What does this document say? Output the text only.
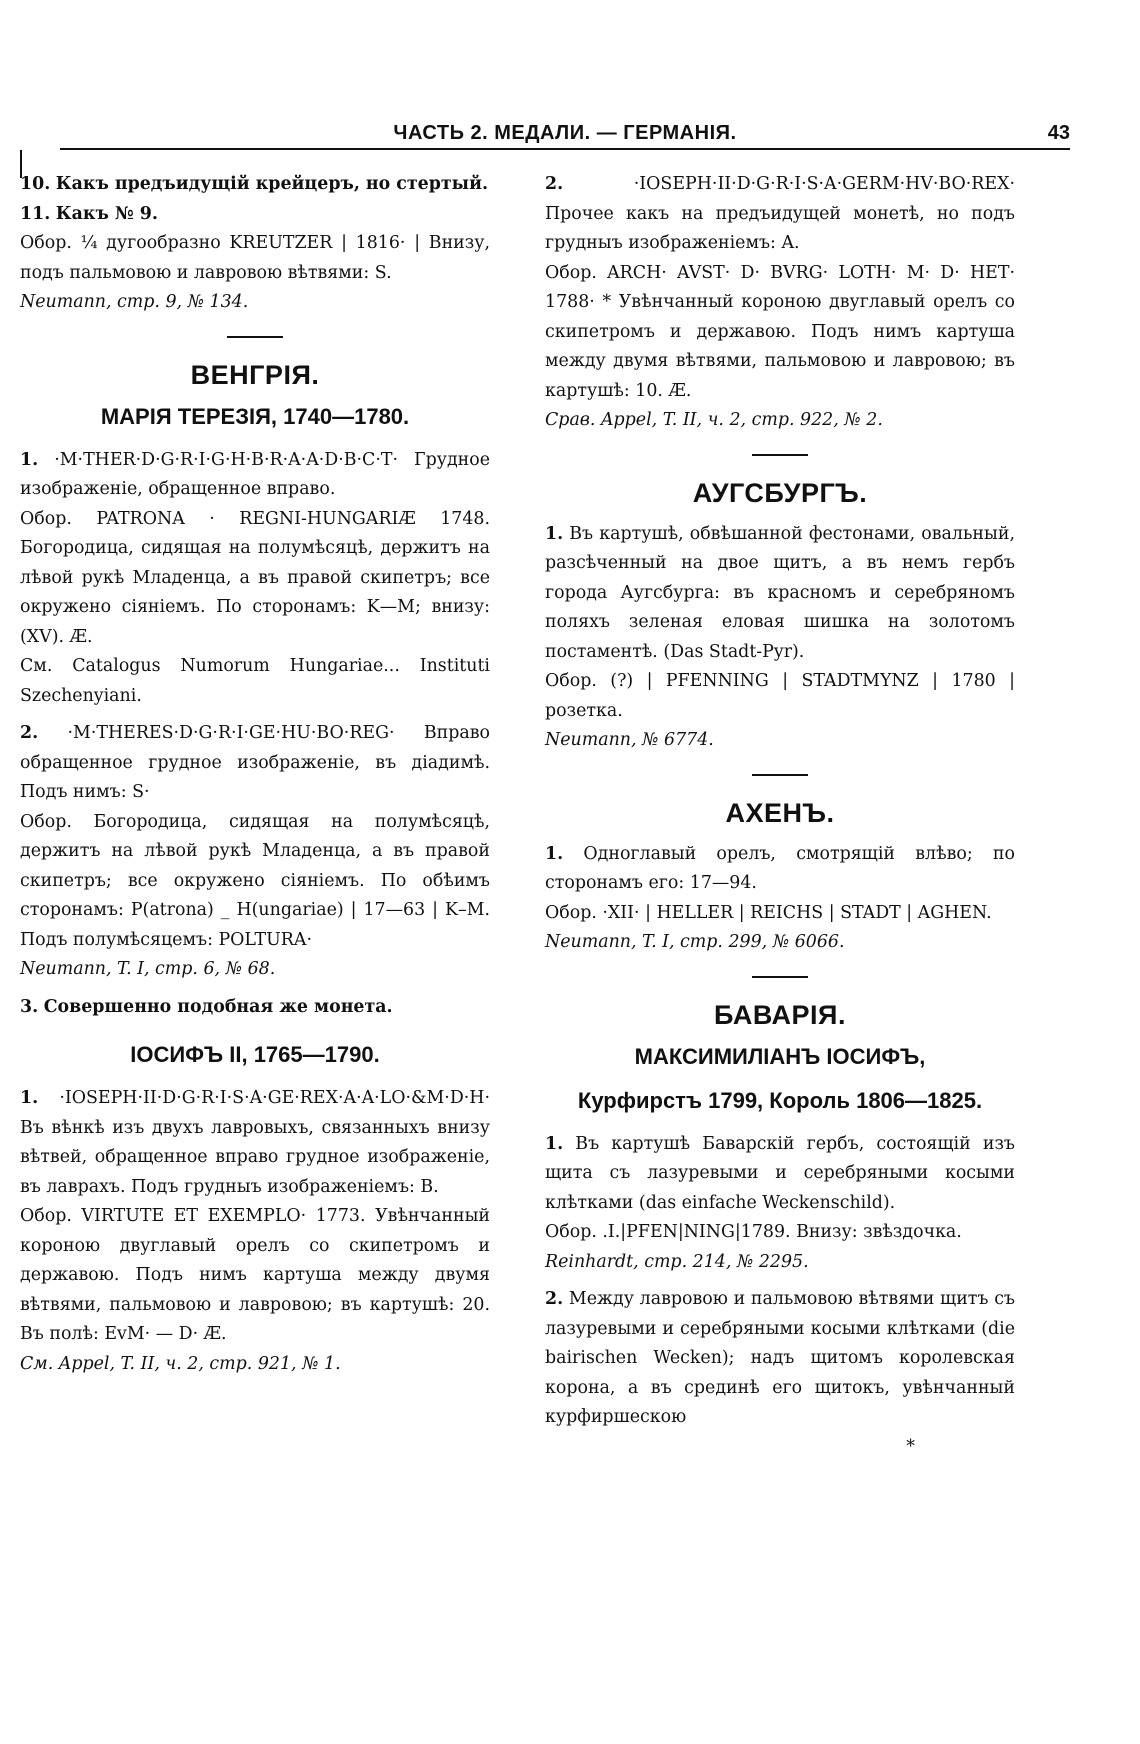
ЧАСТЬ 2. МЕДАЛИ. — ГЕРМАНІЯ.	43

10. Какъ предъидущій крейцеръ, но стертый.

11. Какъ № 9.

Обор. ¼ дугообразно KREUTZER | 1816· | Внизу, подъ пальмовою и лавровою вѣтвями: S.

Neumann, стр. 9, № 134.

ВЕНГРІЯ.
МАРІЯ ТЕРЕЗІЯ, 1740—1780.

1. ·M·THER·D·G·R·I·G·H·B·R·A·A·D·B·C·T· Грудное изображеніе, обращенное вправо.

Обор. PATRONA · REGNI-HUNGARIÆ 1748. Богородица, сидящая на полумѣсяцѣ, держитъ на лѣвой рукѣ Младенца, а въ правой скипетръ; все окружено сіяніемъ. По сторонамъ: K—M; внизу: (XV). Æ.

См. Catalogus Numorum Hungariae... Instituti Szechenyiani.

2. ·M·THERES·D·G·R·I·GE·HU·BO·REG· Вправо обращенное грудное изображеніе, въ діадимѣ. Подъ нимъ: S·

Обор. Богородица, сидящая на полумѣсяцѣ, держитъ на лѣвой рукѣ Младенца, а въ правой скипетръ; все окружено сіяніемъ. По обѣимъ сторонамъ: P(atrona) _ H(ungariae) | 17—63 | K–M. Подъ полумѣсяцемъ: POLTURA·

Neumann, T. I, стр. 6, № 68.

3. Совершенно подобная же монета.

ІОСИФЪ II, 1765—1790.

1. ·IOSEPH·II·D·G·R·I·S·A·GE·REX·A·A·LO·&M·D·H· Въ вѣнкѣ изъ двухъ лавровыхъ, связанныхъ внизу вѣтвей, обращенное вправо грудное изображеніе, въ лаврахъ. Подъ грудныъ изображеніемъ: B.

Обор. VIRTUTE ET EXEMPLO· 1773. Увѣнчанный короною двуглавый орелъ со скипетромъ и державою. Подъ нимъ картуша между двумя вѣтвями, пальмовою и лавровою; въ картушѣ: 20. Въ полѣ: EvM· — D· Æ.

См. Appel, T. II, ч. 2, стр. 921, № 1.

2.	·IOSEPH·II·D·G·R·I·S·A·GERM·HV·BO·REX· Прочее какъ на предъидущей монетѣ, но подъ грудныъ изображеніемъ: A.

Обор. ARCH· AVST· D· BVRG· LOTH· M· D· HET· 1788· * Увѣнчанный короною двуглавый орелъ со скипетромъ и державою. Подъ нимъ картуша между двумя вѣтвями, пальмовою и лавровою; въ картушѣ: 10. Æ.

Срав. Appel, T. II, ч. 2, стр. 922, № 2.

АУГСБУРГЪ.

1. Въ картушѣ, обвѣшанной фестонами, овальный, разсѣченный на двое щитъ, а въ немъ гербъ города Аугсбурга: въ красномъ и серебряномъ поляхъ зеленая еловая шишка на золотомъ постаментѣ. (Das Stadt-Pyr).

Обор. (?) | PFENNING | STADTMYNZ | 1780 | розетка.

Neumann, № 6774.

АХЕНЪ.

1. Одноглавый орелъ, смотрящій влѣво; по сторонамъ его: 17—94.

Обор. ·XII· | HELLER | REICHS | STADT | AGHEN.

Neumann, T. I, стр. 299, № 6066.

БАВАРІЯ.
МАКСИМИЛІАНЪ ІОСИФЪ,
Курфирстъ 1799, Король 1806—1825.

1. Въ картушѣ Баварскій гербъ, состоящій изъ щита съ лазуревыми и серебряными косыми клѣтками (das einfache Weckenschild).

Обор. .I.|PFEN|NING|1789. Внизу: звѣздочка.

Reinhardt, стр. 214, № 2295.

2. Между лавровою и пальмовою вѣтвями щитъ съ лазуревыми и серебряными косыми клѣтками (die bairischen Wecken); надъ щитомъ королевская корона, а въ срединѣ его щитокъ, увѣнчанный курфиршескою

*
